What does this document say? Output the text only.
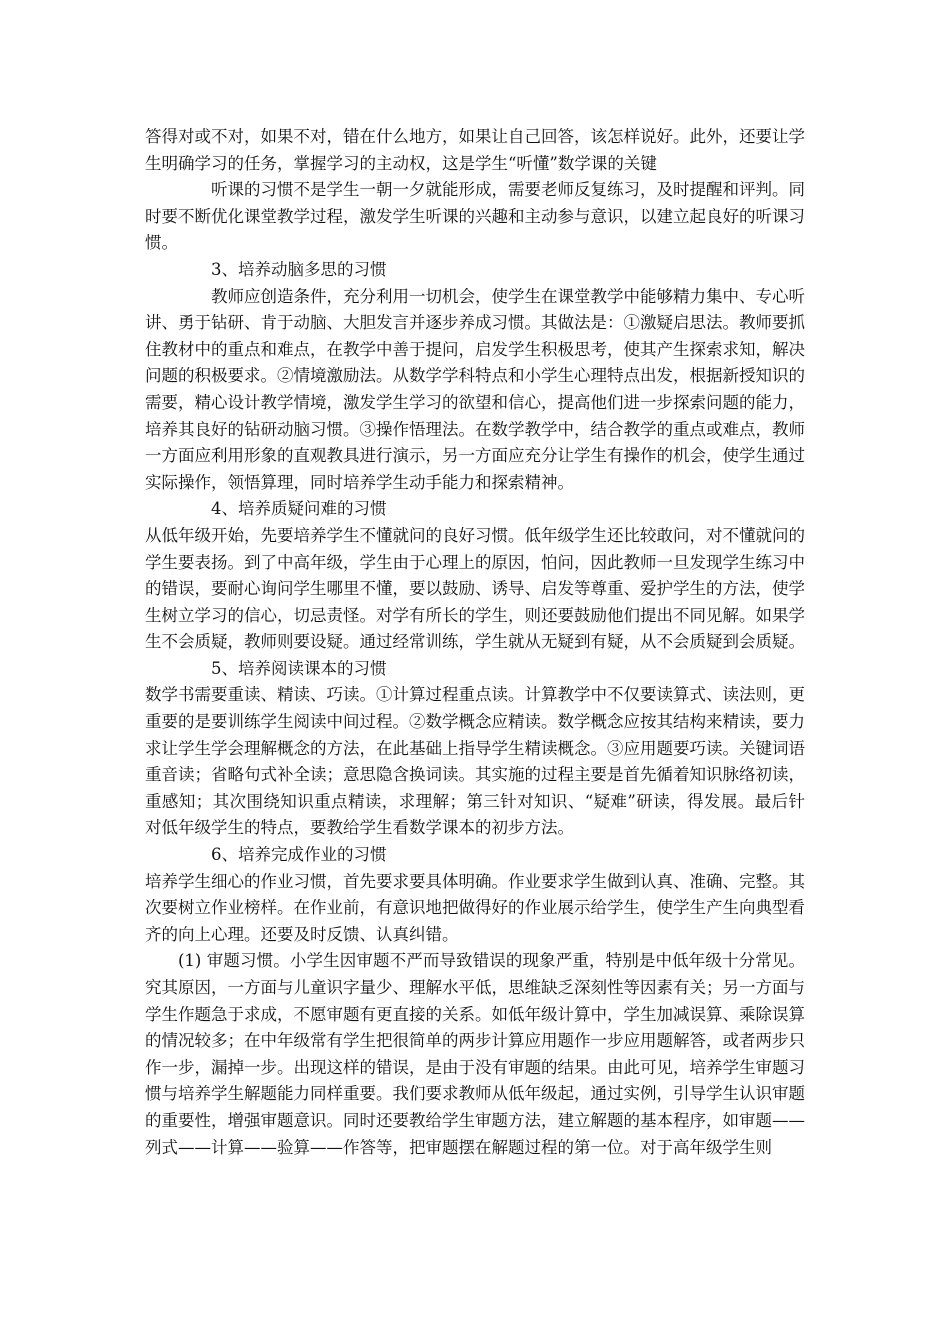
答得对或不对，如果不对，错在什么地方，如果让自己回答，该怎样说好。此外，还要让学生明确学习的任务，掌握学习的主动权，这是学生“听懂”数学课的关键

听课的习惯不是学生一朝一夕就能形成，需要老师反复练习，及时提醒和评判。同时要不断优化课堂教学过程，激发学生听课的兴趣和主动参与意识，以建立起良好的听课习惯。

3、培养动脑多思的习惯

教师应创造条件，充分利用一切机会，使学生在课堂教学中能够精力集中、专心听讲、勇于钻研、肯于动脑、大胆发言并逐步养成习惯。其做法是：①激疑启思法。教师要抓住教材中的重点和难点，在教学中善于提问，启发学生积极思考，使其产生探索求知，解决问题的积极要求。②情境激励法。从数学学科特点和小学生心理特点出发，根据新授知识的需要，精心设计教学情境，激发学生学习的欲望和信心，提高他们进一步探索问题的能力，培养其良好的钻研动脑习惯。③操作悟理法。在数学教学中，结合教学的重点或难点，教师一方面应利用形象的直观教具进行演示，另一方面应充分让学生有操作的机会，使学生通过实际操作，领悟算理，同时培养学生动手能力和探索精神。

4、培养质疑问难的习惯

从低年级开始，先要培养学生不懂就问的良好习惯。低年级学生还比较敢问，对不懂就问的学生要表扬。到了中高年级，学生由于心理上的原因，怕问，因此教师一旦发现学生练习中的错误，要耐心询问学生哪里不懂，要以鼓励、诱导、启发等尊重、爱护学生的方法，使学生树立学习的信心，切忌责怪。对学有所长的学生，则还要鼓励他们提出不同见解。如果学生不会质疑，教师则要设疑。通过经常训练，学生就从无疑到有疑，从不会质疑到会质疑。

5、培养阅读课本的习惯

数学书需要重读、精读、巧读。①计算过程重点读。计算教学中不仅要读算式、读法则，更重要的是要训练学生阅读中间过程。②数学概念应精读。数学概念应按其结构来精读，要力求让学生学会理解概念的方法，在此基础上指导学生精读概念。③应用题要巧读。关键词语重音读；省略句式补全读；意思隐含换词读。其实施的过程主要是首先循着知识脉络初读，重感知；其次围绕知识重点精读，求理解；第三针对知识、“疑难”研读，得发展。最后针对低年级学生的特点，要教给学生看数学课本的初步方法。

6、培养完成作业的习惯

培养学生细心的作业习惯，首先要求要具体明确。作业要求学生做到认真、准确、完整。其次要树立作业榜样。在作业前，有意识地把做得好的作业展示给学生，使学生产生向典型看齐的向上心理。还要及时反馈、认真纠错。

(1) 审题习惯。小学生因审题不严而导致错误的现象严重，特别是中低年级十分常见。究其原因，一方面与儿童识字量少、理解水平低，思维缺乏深刻性等因素有关；另一方面与学生作题急于求成，不愿审题有更直接的关系。如低年级计算中，学生加减误算、乘除误算的情况较多；在中年级常有学生把很简单的两步计算应用题作一步应用题解答，或者两步只作一步，漏掉一步。出现这样的错误，是由于没有审题的结果。由此可见，培养学生审题习惯与培养学生解题能力同样重要。我们要求教师从低年级起，通过实例，引导学生认识审题的重要性，增强审题意识。同时还要教给学生审题方法，建立解题的基本程序，如审题——列式——计算——验算——作答等，把审题摆在解题过程的第一位。对于高年级学生则
